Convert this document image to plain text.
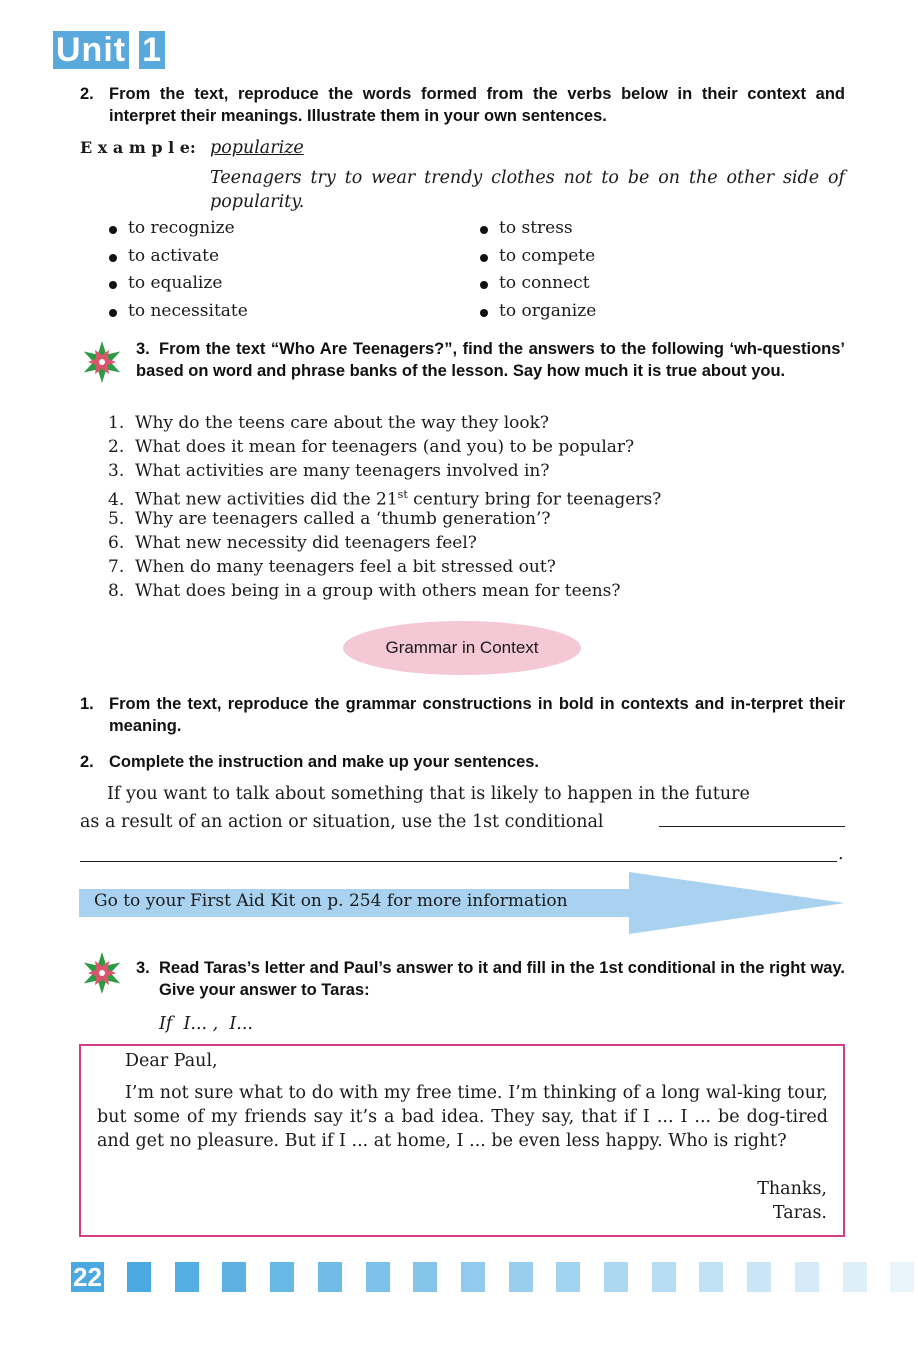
Unit 1
2. From the text, reproduce the words formed from the verbs below in their context and interpret their meanings. Illustrate them in your own sentences.
E x a m p l e: popularize
Teenagers try to wear trendy clothes not to be on the other side of popularity.
to recognize
to activate
to equalize
to necessitate
to stress
to compete
to connect
to organize
3. From the text “Who Are Teenagers?”, find the answers to the following ‘wh-questions’ based on word and phrase banks of the lesson. Say how much it is true about you.
1. Why do the teens care about the way they look?
2. What does it mean for teenagers (and you) to be popular?
3. What activities are many teenagers involved in?
4. What new activities did the 21st century bring for teenagers?
5. Why are teenagers called a ‘thumb generation’?
6. What new necessity did teenagers feel?
7. When do many teenagers feel a bit stressed out?
8. What does being in a group with others mean for teens?
Grammar in Context
1. From the text, reproduce the grammar constructions in bold in contexts and in-terpret their meaning.
2. Complete the instruction and make up your sentences.
If you want to talk about something that is likely to happen in the future
as a result of an action or situation, use the 1st conditional
.
Go to your First Aid Kit on p. 254 for more information
3. Read Taras’s letter and Paul’s answer to it and fill in the 1st conditional in the right way. Give your answer to Taras:
If  I... ,  I...
Dear Paul,
I’m not sure what to do with my free time. I’m thinking of a long wal-king tour, but some of my friends say it’s a bad idea. They say, that if I ... I ... be dog-tired and get no pleasure. But if I ... at home, I ... be even less happy. Who is right?
Thanks,
Taras.
22
